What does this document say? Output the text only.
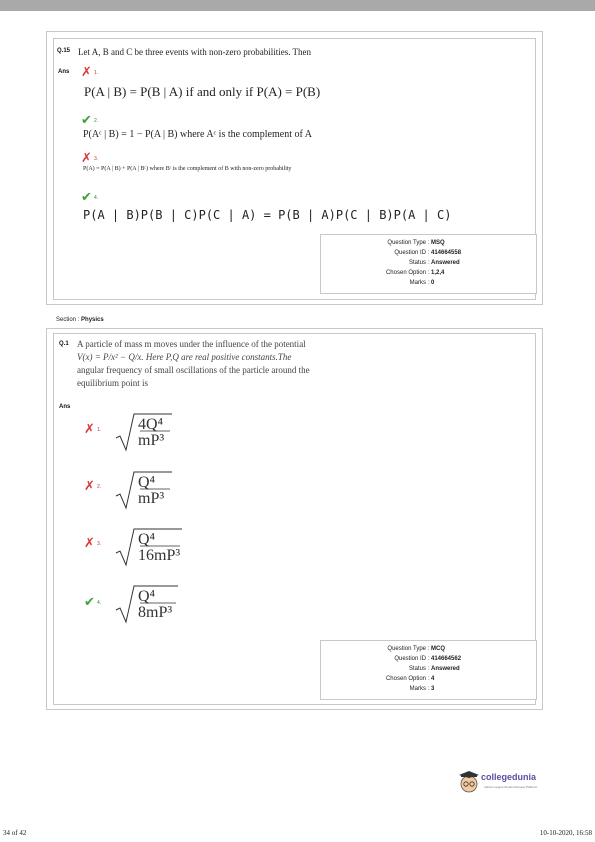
Q.15 Let A, B and C be three events with non-zero probabilities. Then
Ans ✗ 1.
P(A | B) = P(B | A) if and only if P(A) = P(B)
✔ 2.
P(Aᶜ | B) = 1 − P(A | B) where Aᶜ is the complement of A
✗ 3.
P(A) = P(A | B) + P(A | Bᶜ) where Bᶜ is the complement of B with non-zero probability
✔ 4.
P(A | B)P(B | C)P(C | A) = P(B | A)P(C | B)P(A | C)
Question Type : MSQ
Question ID : 414664558
Status : Answered
Chosen Option : 1,2,4
Marks : 0
Section : Physics
Q.1 A particle of mass m moves under the influence of the potential
V(x) = P/x² − Q/x. Here P,Q are real positive constants.The
angular frequency of small oscillations of the particle around the
equilibrium point is
Ans
✗ 1. 4Q⁴
mP³
✗ 2. Q⁴
mP³
✗ 3. Q⁴
16mP³
✔ 4. Q⁴
8mP³
Question Type : MCQ
Question ID : 414664562
Status : Answered
Chosen Option : 4
Marks : 3
collegedunia
India's Largest Student Review Platform
34 of 42	10-10-2020, 16:58
